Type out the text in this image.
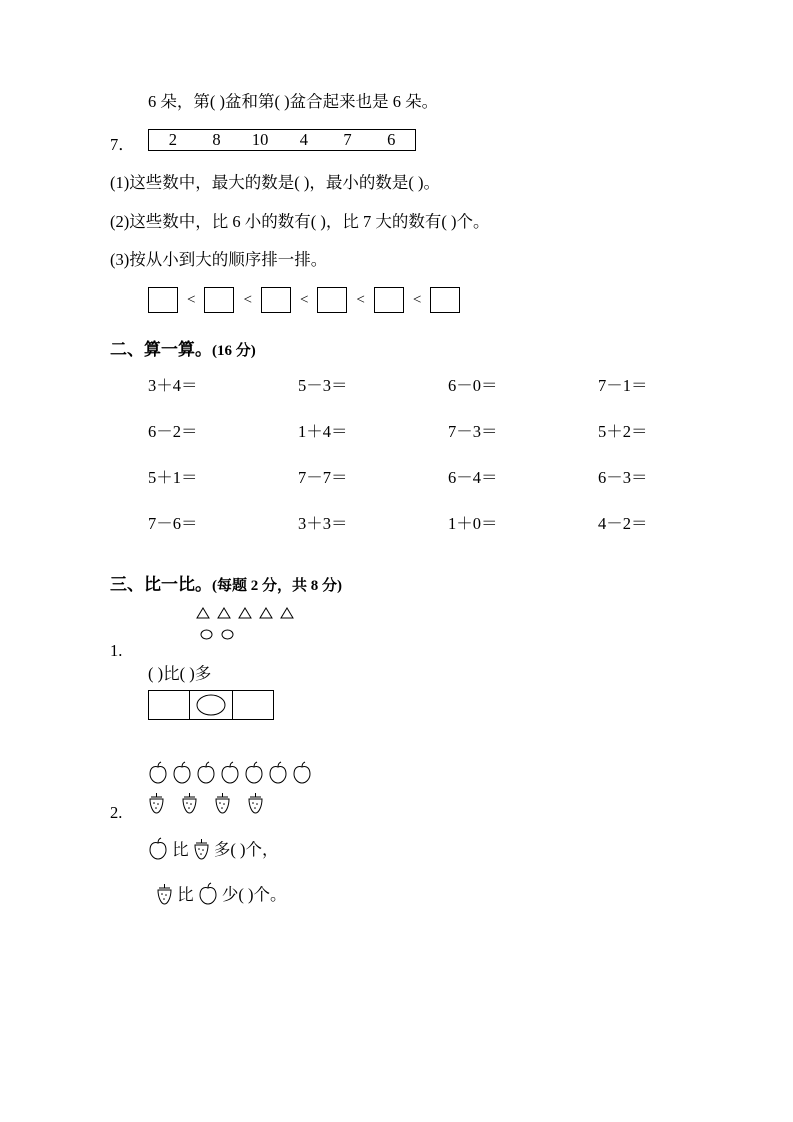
6 朵，第( )盆和第( )盆合起来也是 6 朵。
7．	2	8	10	4	7	6
(1)这些数中，最大的数是( )，最小的数是( )。
(2)这些数中，比 6 小的数有( )，比 7 大的数有( )个。
(3)按从小到大的顺序排一排。
<	<	<	<	<
二、算一算。(16 分)
3＋4＝	5－3＝	6－0＝	7－1＝
6－2＝	1＋4＝	7－3＝	5＋2＝
5＋1＝	7－7＝	6－4＝	6－3＝
7－6＝	3＋3＝	1＋0＝	4－2＝
三、比一比。(每题 2 分，共 8 分)
1.
( )比( )多
2.
比 多( )个，
比 少( )个。
